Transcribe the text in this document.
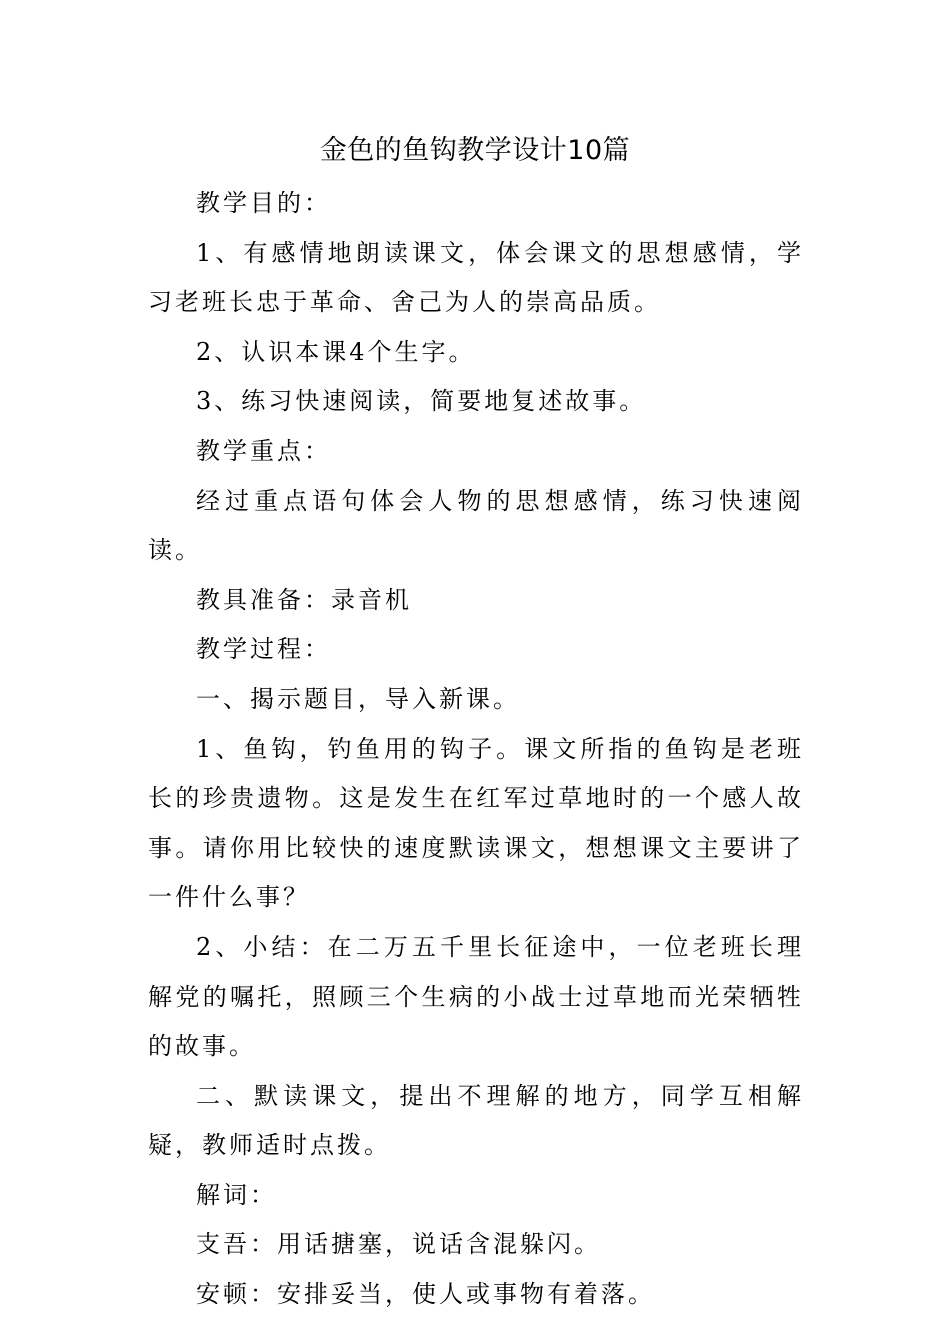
金色的鱼钩教学设计10篇

教学目的：

1、有感情地朗读课文，体会课文的思想感情，学习老班长忠于革命、舍己为人的崇高品质。

2、认识本课4个生字。

3、练习快速阅读，简要地复述故事。

教学重点：

经过重点语句体会人物的思想感情，练习快速阅读。

教具准备：录音机

教学过程：

一、揭示题目，导入新课。

1、鱼钩，钓鱼用的钩子。课文所指的鱼钩是老班长的珍贵遗物。这是发生在红军过草地时的一个感人故事。请你用比较快的速度默读课文，想想课文主要讲了一件什么事？

2、小结：在二万五千里长征途中，一位老班长理解党的嘱托，照顾三个生病的小战士过草地而光荣牺牲的故事。

二、默读课文，提出不理解的地方，同学互相解疑，教师适时点拨。

解词：

支吾：用话搪塞，说话含混躲闪。

安顿：安排妥当，使人或事物有着落。
